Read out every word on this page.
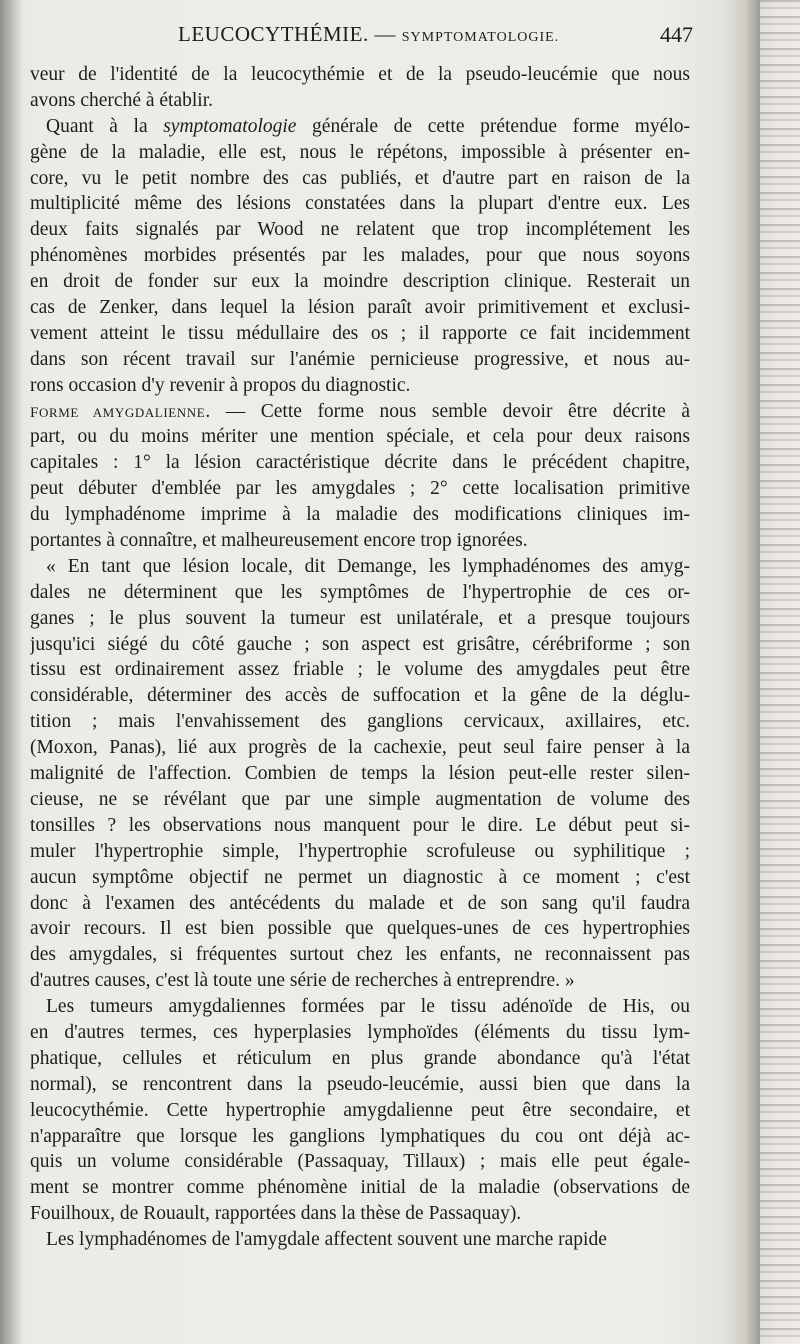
LEUCOCYTHÉMIE. — SYMPTOMATOLOGIE.	447
veur de l'identité de la leucocythémie et de la pseudo-leucémie que nous
avons cherché à établir.
Quant à la symptomatologie générale de cette prétendue forme myélo-
gène de la maladie, elle est, nous le répétons, impossible à présenter en-
core, vu le petit nombre des cas publiés, et d'autre part en raison de la
multiplicité même des lésions constatées dans la plupart d'entre eux. Les
deux faits signalés par Wood ne relatent que trop incomplétement les
phénomènes morbides présentés par les malades, pour que nous soyons
en droit de fonder sur eux la moindre description clinique. Resterait un
cas de Zenker, dans lequel la lésion paraît avoir primitivement et exclusi-
vement atteint le tissu médullaire des os ; il rapporte ce fait incidemment
dans son récent travail sur l'anémie pernicieuse progressive, et nous au-
rons occasion d'y revenir à propos du diagnostic.
FORME AMYGDALIENNE. — Cette forme nous semble devoir être décrite à
part, ou du moins mériter une mention spéciale, et cela pour deux raisons
capitales : 1° la lésion caractéristique décrite dans le précédent chapitre,
peut débuter d'emblée par les amygdales ; 2° cette localisation primitive
du lymphadénome imprime à la maladie des modifications cliniques im-
portantes à connaître, et malheureusement encore trop ignorées.
« En tant que lésion locale, dit Demange, les lymphadénomes des amyg-
dales ne déterminent que les symptômes de l'hypertrophie de ces or-
ganes ; le plus souvent la tumeur est unilatérale, et a presque toujours
jusqu'ici siégé du côté gauche ; son aspect est grisâtre, cérébriforme ; son
tissu est ordinairement assez friable ; le volume des amygdales peut être
considérable, déterminer des accès de suffocation et la gêne de la déglu-
tition ; mais l'envahissement des ganglions cervicaux, axillaires, etc.
(Moxon, Panas), lié aux progrès de la cachexie, peut seul faire penser à la
malignité de l'affection. Combien de temps la lésion peut-elle rester silen-
cieuse, ne se révélant que par une simple augmentation de volume des
tonsilles ? les observations nous manquent pour le dire. Le début peut si-
muler l'hypertrophie simple, l'hypertrophie scrofuleuse ou syphilitique ;
aucun symptôme objectif ne permet un diagnostic à ce moment ; c'est
donc à l'examen des antécédents du malade et de son sang qu'il faudra
avoir recours. Il est bien possible que quelques-unes de ces hypertrophies
des amygdales, si fréquentes surtout chez les enfants, ne reconnaissent pas
d'autres causes, c'est là toute une série de recherches à entreprendre. »
Les tumeurs amygdaliennes formées par le tissu adénoïde de His, ou
en d'autres termes, ces hyperplasies lymphoïdes (éléments du tissu lym-
phatique, cellules et réticulum en plus grande abondance qu'à l'état
normal), se rencontrent dans la pseudo-leucémie, aussi bien que dans la
leucocythémie. Cette hypertrophie amygdalienne peut être secondaire, et
n'apparaître que lorsque les ganglions lymphatiques du cou ont déjà ac-
quis un volume considérable (Passaquay, Tillaux) ; mais elle peut égale-
ment se montrer comme phénomène initial de la maladie (observations de
Fouilhoux, de Rouault, rapportées dans la thèse de Passaquay).
Les lymphadénomes de l'amygdale affectent souvent une marche rapide
